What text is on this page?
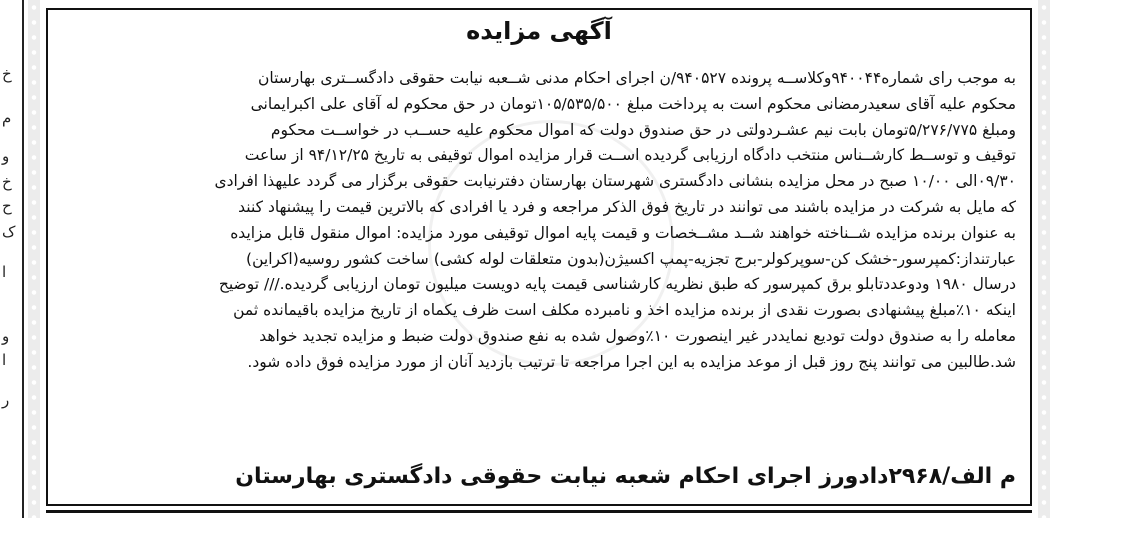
خ
م
و
خ
ح
ک
ا
و
ا
ر
آگهی مزایده
به موجب رای شماره۹۴۰۰۴۴وکلاســه پرونده ۹۴۰۵۲۷/ن اجرای احکام مدنی شــعبه نیابت حقوقی دادگســتری بهارستان
محکوم علیه آقای سعیدرمضانی محکوم است به پرداخت مبلغ ۱۰۵/۵۳۵/۵۰۰تومان در حق محکوم له آقای علی اکبرایمانی
ومبلغ ۵/۲۷۶/۷۷۵تومان بابت نیم عشـردولتی در حق صندوق دولت که اموال محکوم علیه حســب در خواســت محکوم
توقیف و توســط کارشــناس منتخب دادگاه ارزیابی گردیده اســت قرار مزایده اموال توقیفی به تاریخ ۹۴/۱۲/۲۵ از ساعت
۰۹/۳۰الی ۱۰/۰۰ صبح در محل مزایده بنشانی دادگستری شهرستان بهارستان دفترنیابت حقوقی برگزار می گردد علیهذا افرادی
که مایل به شرکت در مزایده باشند می توانند در تاریخ فوق الذکر مراجعه و فرد یا افرادی که بالاترین قیمت را پیشنهاد کنند
به عنوان برنده مزایده شــناخته خواهند شــد مشــخصات و قیمت پایه اموال توقیفی مورد مزایده: اموال منقول قابل مزایده
عبارتنداز:کمپرسور-خشک کن-سوپرکولر-برج تجزیه-پمپ اکسیژن(بدون متعلقات لوله کشی) ساخت کشور روسیه(اکراین)
درسال ۱۹۸۰ ودوعددتابلو برق کمپرسور که طبق نظریه کارشناسی قیمت پایه دویست میلیون تومان ارزیابی گردیده./// توضیح
اینکه ۱۰٪مبلغ پیشنهادی بصورت نقدی از برنده مزایده اخذ و نامبرده مکلف است ظرف یکماه از تاریخ مزایده باقیمانده ثمن
معامله را به صندوق دولت تودیع نمایددر غیر اینصورت ۱۰٪وصول شده به نفع صندوق دولت ضبط و مزایده تجدید خواهد
شد.طالبین می توانند پنج روز قبل از موعد مزایده به این اجرا مراجعه تا ترتیب بازدید آنان از مورد مزایده فوق داده شود.
م الف/۲۹۶۸دادورز اجرای احکام شعبه نیابت حقوقی دادگستری بهارستان
